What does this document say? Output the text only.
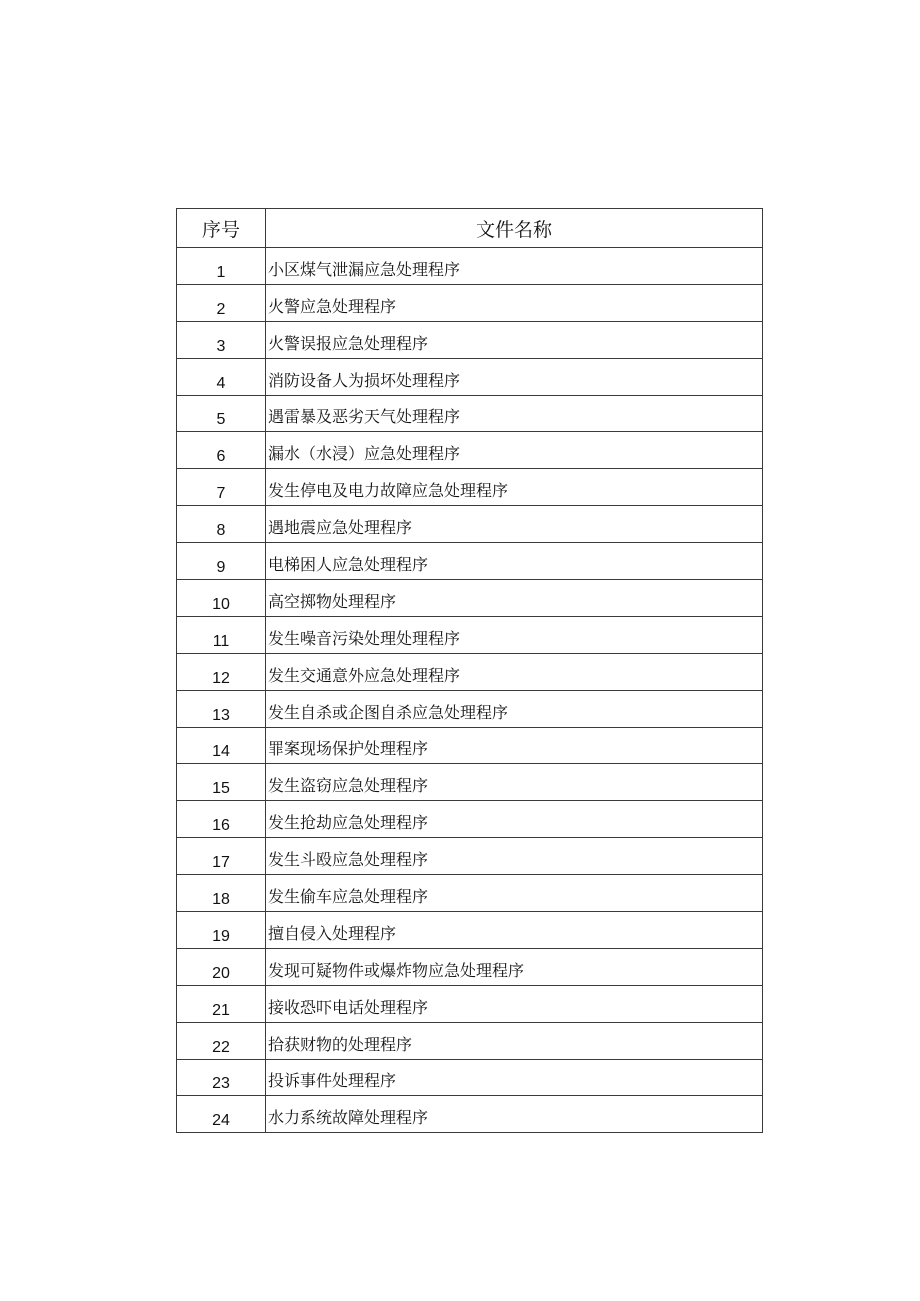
序号	文件名称
1	小区煤气泄漏应急处理程序
2	火警应急处理程序
3	火警误报应急处理程序
4	消防设备人为损坏处理程序
5	遇雷暴及恶劣天气处理程序
6	漏水（水浸）应急处理程序
7	发生停电及电力故障应急处理程序
8	遇地震应急处理程序
9	电梯困人应急处理程序
10	高空掷物处理程序
11	发生噪音污染处理处理程序
12	发生交通意外应急处理程序
13	发生自杀或企图自杀应急处理程序
14	罪案现场保护处理程序
15	发生盗窃应急处理程序
16	发生抢劫应急处理程序
17	发生斗殴应急处理程序
18	发生偷车应急处理程序
19	擅自侵入处理程序
20	发现可疑物件或爆炸物应急处理程序
21	接收恐吓电话处理程序
22	拾获财物的处理程序
23	投诉事件处理程序
24	水力系统故障处理程序
